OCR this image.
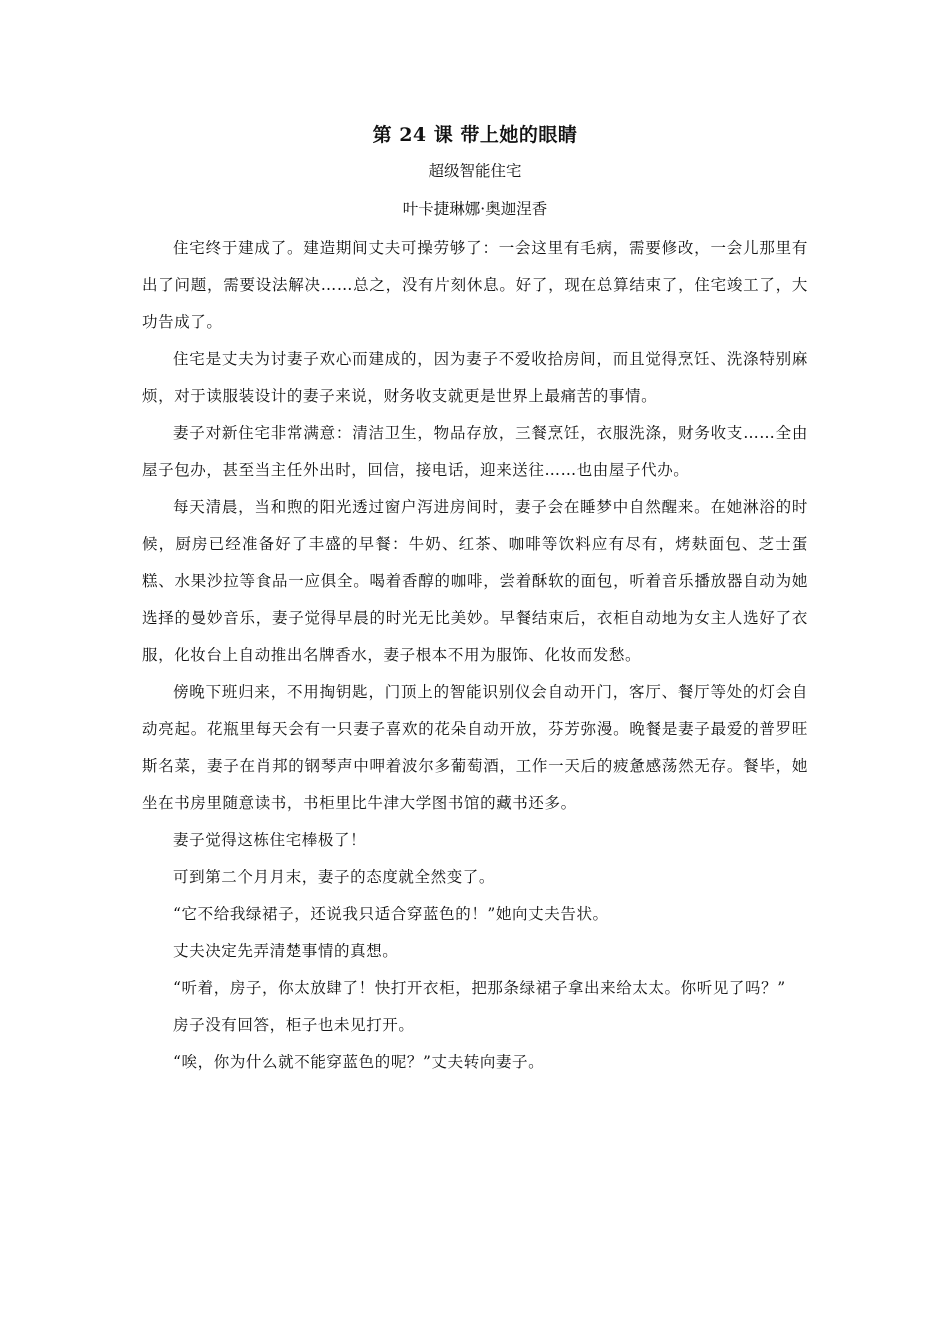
第 24 课 带上她的眼睛

超级智能住宅

叶卡捷琳娜·奥迦涅香

住宅终于建成了。建造期间丈夫可操劳够了：一会这里有毛病，需要修改，一会儿那里有出了问题，需要设法解决……总之，没有片刻休息。好了，现在总算结束了，住宅竣工了，大功告成了。

住宅是丈夫为讨妻子欢心而建成的，因为妻子不爱收拾房间，而且觉得烹饪、洗涤特别麻烦，对于读服装设计的妻子来说，财务收支就更是世界上最痛苦的事情。

妻子对新住宅非常满意：清洁卫生，物品存放，三餐烹饪，衣服洗涤，财务收支……全由屋子包办，甚至当主任外出时，回信，接电话，迎来送往……也由屋子代办。

每天清晨，当和煦的阳光透过窗户泻进房间时，妻子会在睡梦中自然醒来。在她淋浴的时候，厨房已经准备好了丰盛的早餐：牛奶、红茶、咖啡等饮料应有尽有，烤麸面包、芝士蛋糕、水果沙拉等食品一应俱全。喝着香醇的咖啡，尝着酥软的面包，听着音乐播放器自动为她选择的曼妙音乐，妻子觉得早晨的时光无比美妙。早餐结束后，衣柜自动地为女主人选好了衣服，化妆台上自动推出名牌香水，妻子根本不用为服饰、化妆而发愁。

傍晚下班归来，不用掏钥匙，门顶上的智能识别仪会自动开门，客厅、餐厅等处的灯会自动亮起。花瓶里每天会有一只妻子喜欢的花朵自动开放，芬芳弥漫。晚餐是妻子最爱的普罗旺斯名菜，妻子在肖邦的钢琴声中呷着波尔多葡萄酒，工作一天后的疲惫感荡然无存。餐毕，她坐在书房里随意读书，书柜里比牛津大学图书馆的藏书还多。

妻子觉得这栋住宅棒极了！

可到第二个月月末，妻子的态度就全然变了。

“它不给我绿裙子，还说我只适合穿蓝色的！”她向丈夫告状。

丈夫决定先弄清楚事情的真想。

“听着，房子，你太放肆了！快打开衣柜，把那条绿裙子拿出来给太太。你听见了吗？”

房子没有回答，柜子也未见打开。

“唉，你为什么就不能穿蓝色的呢？”丈夫转向妻子。
